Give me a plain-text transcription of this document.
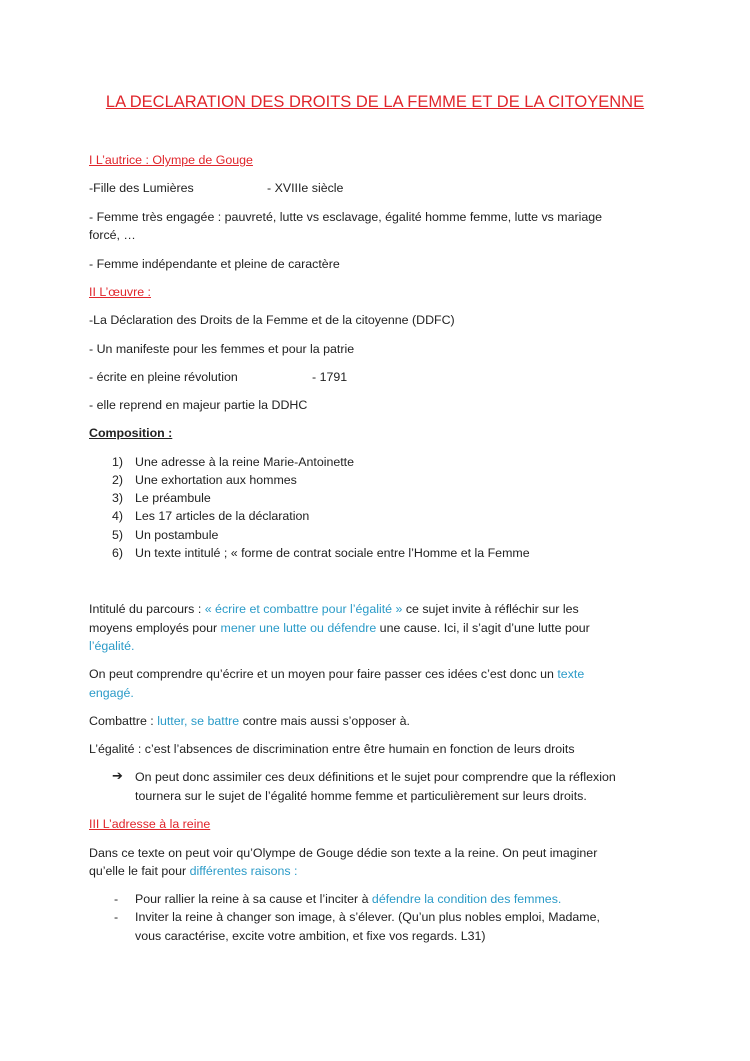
LA DECLARATION DES DROITS DE LA FEMME ET DE LA CITOYENNE
I L’autrice : Olympe de Gouge
-Fille des Lumières	- XVIIIe siècle
- Femme très engagée : pauvreté, lutte vs esclavage, égalité homme femme, lutte vs mariage
forcé, …
- Femme indépendante et pleine de caractère
II L’œuvre :
-La Déclaration des Droits de la Femme et de la citoyenne (DDFC)
- Un manifeste pour les femmes et pour la patrie
- écrite en pleine révolution	- 1791
- elle reprend en majeur partie la DDHC
Composition :
1) Une adresse à la reine Marie-Antoinette
2) Une exhortation aux hommes
3) Le préambule
4) Les 17 articles de la déclaration
5) Un postambule
6) Un texte intitulé ; « forme de contrat sociale entre l’Homme et la Femme
Intitulé du parcours : « écrire et combattre pour l’égalité » ce sujet invite à réfléchir sur les
moyens employés pour mener une lutte ou défendre une cause. Ici, il s’agit d’une lutte pour
l’égalité.
On peut comprendre qu’écrire et un moyen pour faire passer ces idées c’est donc un texte
engagé.
Combattre : lutter, se battre contre mais aussi s’opposer à.
L’égalité : c’est l’absences de discrimination entre être humain en fonction de leurs droits
➔ On peut donc assimiler ces deux définitions et le sujet pour comprendre que la réflexion
tournera sur le sujet de l’égalité homme femme et particulièrement sur leurs droits.
III L’adresse à la reine
Dans ce texte on peut voir qu’Olympe de Gouge dédie son texte a la reine. On peut imaginer
qu’elle le fait pour différentes raisons :
- Pour rallier la reine à sa cause et l’inciter à défendre la condition des femmes.
- Inviter la reine à changer son image, à s’élever. (Qu’un plus nobles emploi, Madame,
vous caractérise, excite votre ambition, et fixe vos regards. L31)
